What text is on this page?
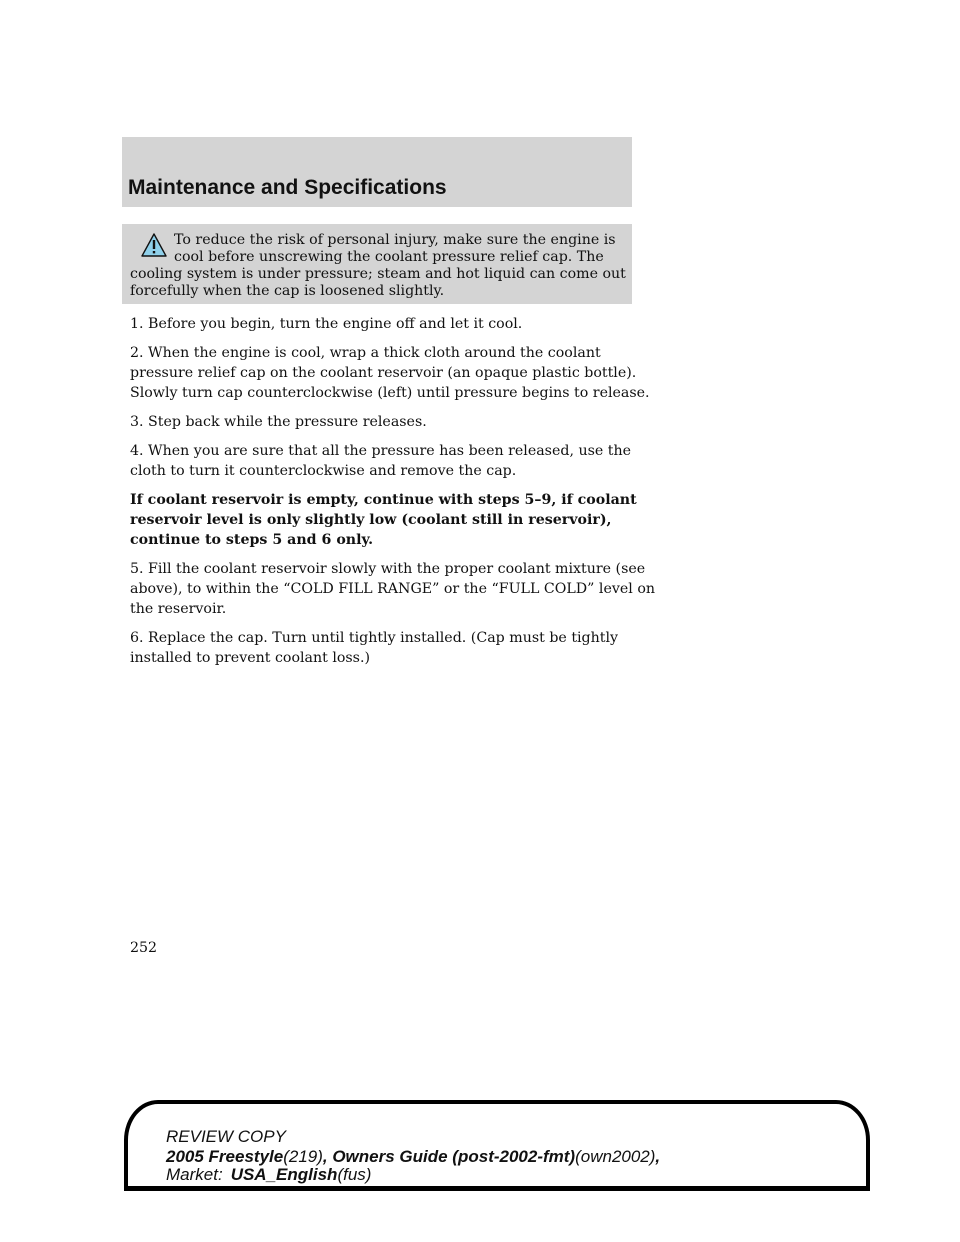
Maintenance and Specifications
To reduce the risk of personal injury, make sure the engine is
cool before unscrewing the coolant pressure relief cap. The
cooling system is under pressure; steam and hot liquid can come out
forcefully when the cap is loosened slightly.
1. Before you begin, turn the engine off and let it cool.
2. When the engine is cool, wrap a thick cloth around the coolant
pressure relief cap on the coolant reservoir (an opaque plastic bottle).
Slowly turn cap counterclockwise (left) until pressure begins to release.
3. Step back while the pressure releases.
4. When you are sure that all the pressure has been released, use the
cloth to turn it counterclockwise and remove the cap.
If coolant reservoir is empty, continue with steps 5–9, if coolant
reservoir level is only slightly low (coolant still in reservoir),
continue to steps 5 and 6 only.
5. Fill the coolant reservoir slowly with the proper coolant mixture (see
above), to within the “COLD FILL RANGE” or the “FULL COLD” level on
the reservoir.
6. Replace the cap. Turn until tightly installed. (Cap must be tightly
installed to prevent coolant loss.)
252
REVIEW COPY
2005 Freestyle(219), Owners Guide (post-2002-fmt)(own2002),
Market: USA_English(fus)
